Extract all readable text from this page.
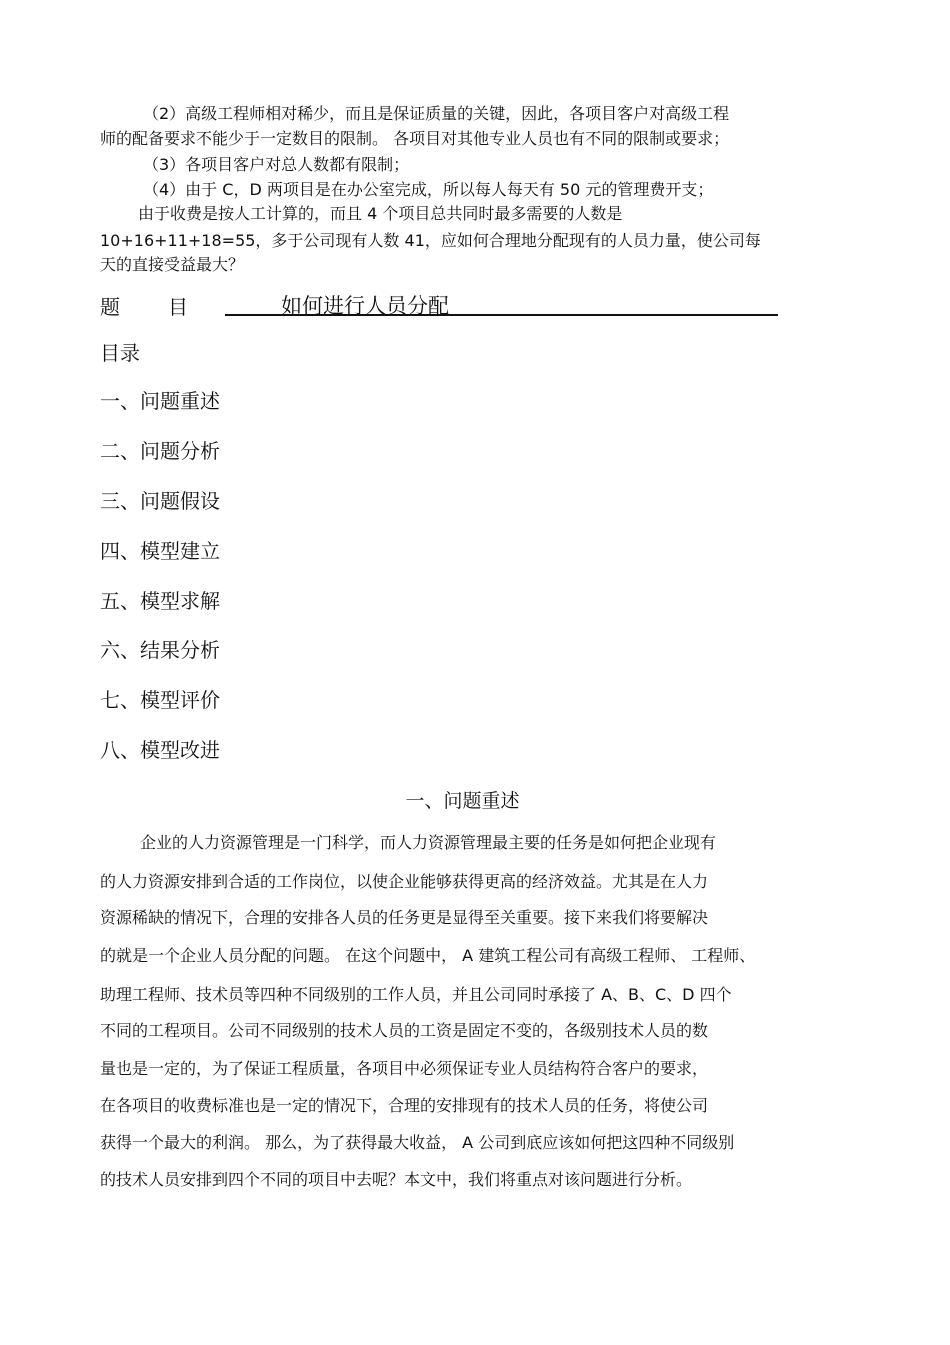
（2）高级工程师相对稀少，而且是保证质量的关键，因此，各项目客户对高级工程
师的配备要求不能少于一定数目的限制。 各项目对其他专业人员也有不同的限制或要求；
（3）各项目客户对总人数都有限制；
（4）由于 C，D 两项目是在办公室完成，所以每人每天有 50 元的管理费开支；
由于收费是按人工计算的，而且 4 个项目总共同时最多需要的人数是
10+16+11+18=55，多于公司现有人数 41，应如何合理地分配现有的人员力量，使公司每
天的直接受益最大？
题 目	如何进行人员分配
目录
一、问题重述
二、问题分析
三、问题假设
四、模型建立
五、模型求解
六、结果分析
七、模型评价
八、模型改进
一、问题重述
企业的人力资源管理是一门科学，而人力资源管理最主要的任务是如何把企业现有
的人力资源安排到合适的工作岗位，以使企业能够获得更高的经济效益。尤其是在人力
资源稀缺的情况下，合理的安排各人员的任务更是显得至关重要。接下来我们将要解决
的就是一个企业人员分配的问题。 在这个问题中， A 建筑工程公司有高级工程师、 工程师、
助理工程师、技术员等四种不同级别的工作人员，并且公司同时承接了 A、B、C、D 四个
不同的工程项目。公司不同级别的技术人员的工资是固定不变的，各级别技术人员的数
量也是一定的，为了保证工程质量，各项目中必须保证专业人员结构符合客户的要求，
在各项目的收费标准也是一定的情况下，合理的安排现有的技术人员的任务，将使公司
获得一个最大的利润。 那么，为了获得最大收益， A 公司到底应该如何把这四种不同级别
的技术人员安排到四个不同的项目中去呢？本文中，我们将重点对该问题进行分析。
